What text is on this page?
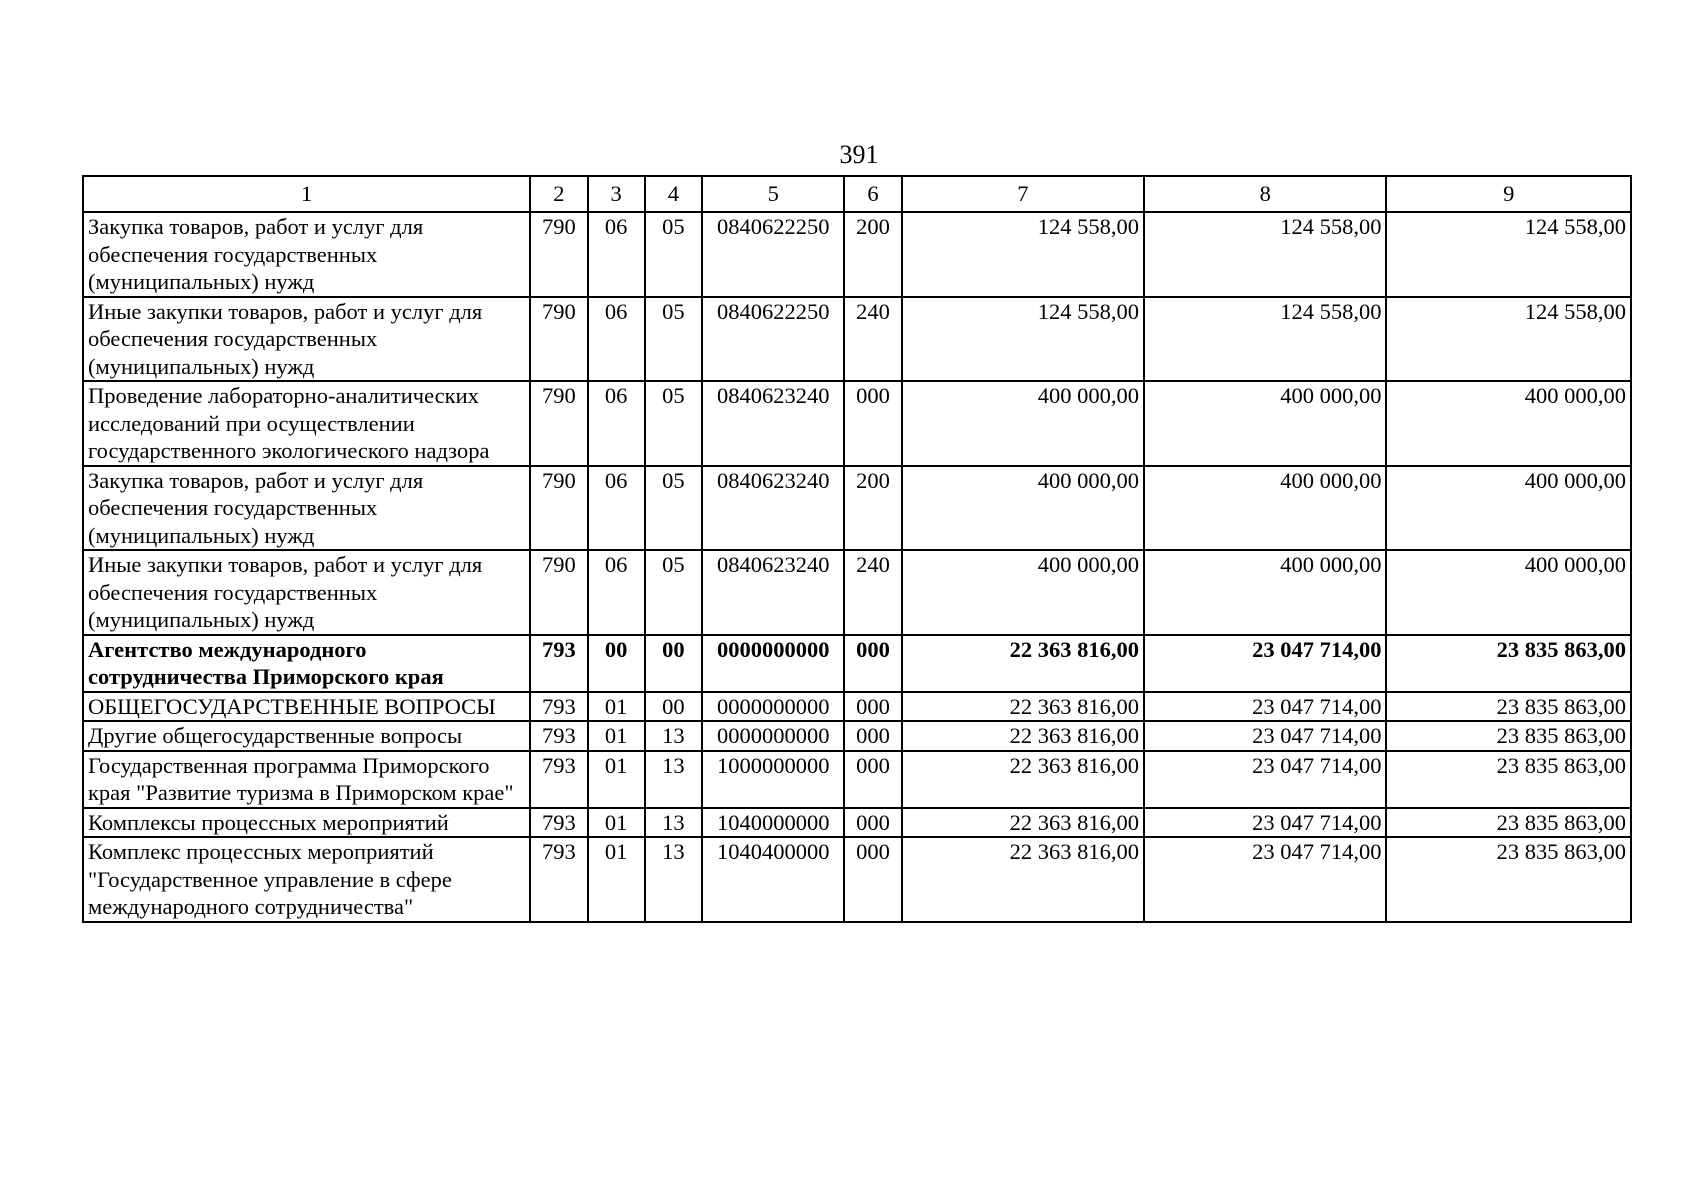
391
1	2	3	4	5	6	7	8	9
Закупка товаров, работ и услуг для обеспечения государственных (муниципальных) нужд	790	06	05	0840622250	200	124 558,00	124 558,00	124 558,00
Иные закупки товаров, работ и услуг для обеспечения государственных (муниципальных) нужд	790	06	05	0840622250	240	124 558,00	124 558,00	124 558,00
Проведение лабораторно-аналитических исследований при осуществлении государственного экологического надзора	790	06	05	0840623240	000	400 000,00	400 000,00	400 000,00
Закупка товаров, работ и услуг для обеспечения государственных (муниципальных) нужд	790	06	05	0840623240	200	400 000,00	400 000,00	400 000,00
Иные закупки товаров, работ и услуг для обеспечения государственных (муниципальных) нужд	790	06	05	0840623240	240	400 000,00	400 000,00	400 000,00
Агентство международного сотрудничества Приморского края	793	00	00	0000000000	000	22 363 816,00	23 047 714,00	23 835 863,00
ОБЩЕГОСУДАРСТВЕННЫЕ ВОПРОСЫ	793	01	00	0000000000	000	22 363 816,00	23 047 714,00	23 835 863,00
Другие общегосударственные вопросы	793	01	13	0000000000	000	22 363 816,00	23 047 714,00	23 835 863,00
Государственная программа Приморского края "Развитие туризма в Приморском крае"	793	01	13	1000000000	000	22 363 816,00	23 047 714,00	23 835 863,00
Комплексы процессных мероприятий	793	01	13	1040000000	000	22 363 816,00	23 047 714,00	23 835 863,00
Комплекс процессных мероприятий "Государственное управление в сфере международного сотрудничества"	793	01	13	1040400000	000	22 363 816,00	23 047 714,00	23 835 863,00
